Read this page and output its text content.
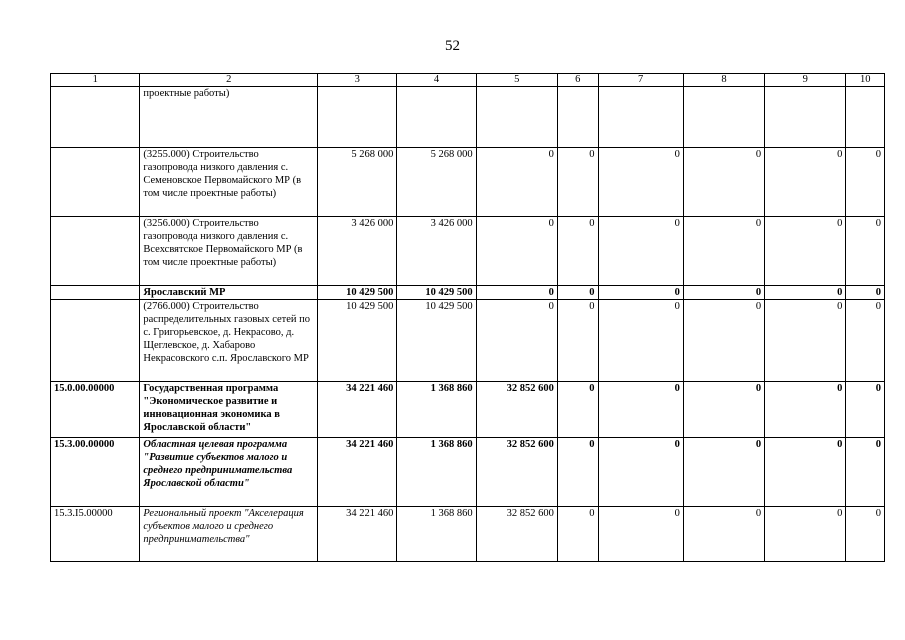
52
1	2	3	4	5	6	7	8	9	10
	проектные работы)								
	(3255.000) Строительство газопровода низкого давления с. Семеновское Первомайского МР (в том числе проектные работы)	5 268 000	5 268 000	0	0	0	0	0	0
	(3256.000) Строительство газопровода низкого давления с. Всехсвятское Первомайского МР (в том числе проектные работы)	3 426 000	3 426 000	0	0	0	0	0	0
	Ярославский МР	10 429 500	10 429 500	0	0	0	0	0	0
	(2766.000) Строительство распределительных газовых сетей по с. Григорьевское, д. Некрасово, д. Щеглевское, д. Хабарово Некрасовского с.п. Ярославского МР	10 429 500	10 429 500	0	0	0	0	0	0
15.0.00.00000	Государственная программа "Экономическое развитие и инновационная экономика в Ярославской области"	34 221 460	1 368 860	32 852 600	0	0	0	0	0
15.3.00.00000	Областная целевая программа "Развитие субъектов малого и среднего предпринимательства Ярославской области"	34 221 460	1 368 860	32 852 600	0	0	0	0	0
15.3.I5.00000	Региональный проект "Акселерация субъектов малого и среднего предпринимательства"	34 221 460	1 368 860	32 852 600	0	0	0	0	0
